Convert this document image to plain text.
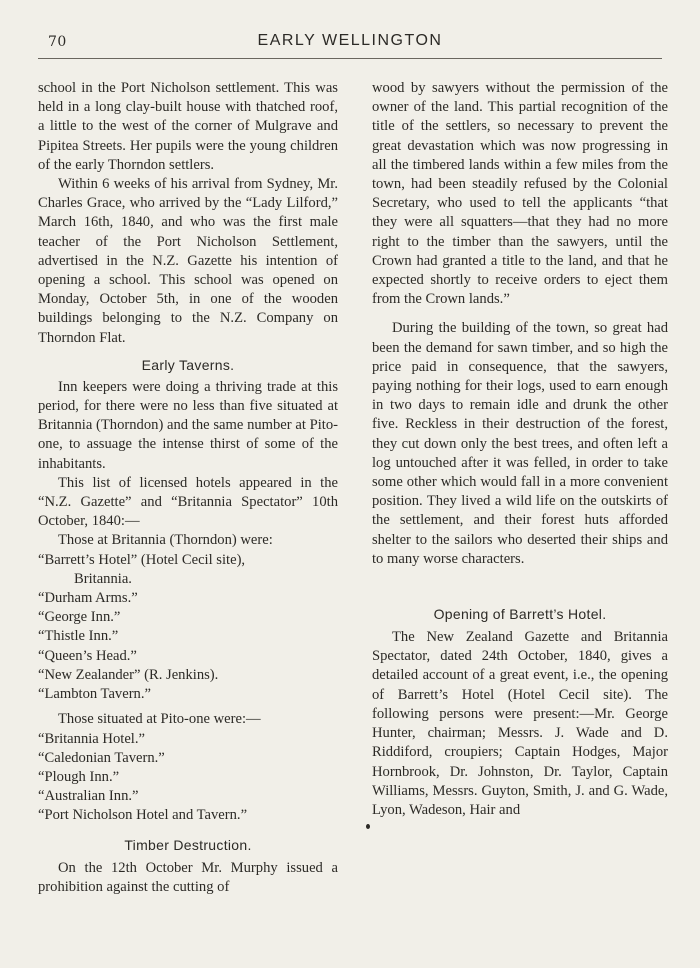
70	EARLY WELLINGTON

school in the Port Nicholson settlement. This was held in a long clay-built house with thatched roof, a little to the west of the corner of Mulgrave and Pipitea Streets. Her pupils were the young children of the early Thorndon settlers.

Within 6 weeks of his arrival from Sydney, Mr. Charles Grace, who arrived by the “Lady Lilford,” March 16th, 1840, and who was the first male teacher of the Port Nicholson Settlement, advertised in the N.Z. Gazette his intention of opening a school. This school was opened on Monday, October 5th, in one of the wooden buildings belonging to the N.Z. Company on Thorndon Flat.

Early Taverns.

Inn keepers were doing a thriving trade at this period, for there were no less than five situated at Britannia (Thorndon) and the same number at Pito-one, to assuage the intense thirst of some of the inhabitants.

This list of licensed hotels appeared in the “N.Z. Gazette” and “Britannia Spectator” 10th October, 1840:—

Those at Britannia (Thorndon) were:
“Barrett’s Hotel” (Hotel Cecil site),
Britannia.
“Durham Arms.”
“George Inn.”
“Thistle Inn.”
“Queen’s Head.”
“New Zealander” (R. Jenkins).
“Lambton Tavern.”
Those situated at Pito-one were:—
“Britannia Hotel.”
“Caledonian Tavern.”
“Plough Inn.”
“Australian Inn.”
“Port Nicholson Hotel and Tavern.”
Timber Destruction.

On the 12th October Mr. Murphy issued a prohibition against the cutting of

wood by sawyers without the permission of the owner of the land. This partial recognition of the title of the settlers, so necessary to prevent the great devastation which was now progressing in all the timbered lands within a few miles from the town, had been steadily refused by the Colonial Secretary, who used to tell the applicants “that they were all squatters—that they had no more right to the timber than the sawyers, until the Crown had granted a title to the land, and that he expected shortly to receive orders to eject them from the Crown lands.”

During the building of the town, so great had been the demand for sawn timber, and so high the price paid in consequence, that the sawyers, paying nothing for their logs, used to earn enough in two days to remain idle and drunk the other five. Reckless in their destruction of the forest, they cut down only the best trees, and often left a log untouched after it was felled, in order to take some other which would fall in a more convenient position. They lived a wild life on the outskirts of the settlement, and their forest huts afforded shelter to the sailors who deserted their ships and to many worse characters.

Opening of Barrett’s Hotel.

The New Zealand Gazette and Britannia Spectator, dated 24th October, 1840, gives a detailed account of a great event, i.e., the opening of Barrett’s Hotel (Hotel Cecil site). The following persons were present:—Mr. George Hunter, chairman; Messrs. J. Wade and D. Riddiford, croupiers; Captain Hodges, Major Hornbrook, Dr. Johnston, Dr. Taylor, Captain Williams, Messrs. Guyton, Smith, J. and G. Wade, Lyon, Wadeson, Hair and
